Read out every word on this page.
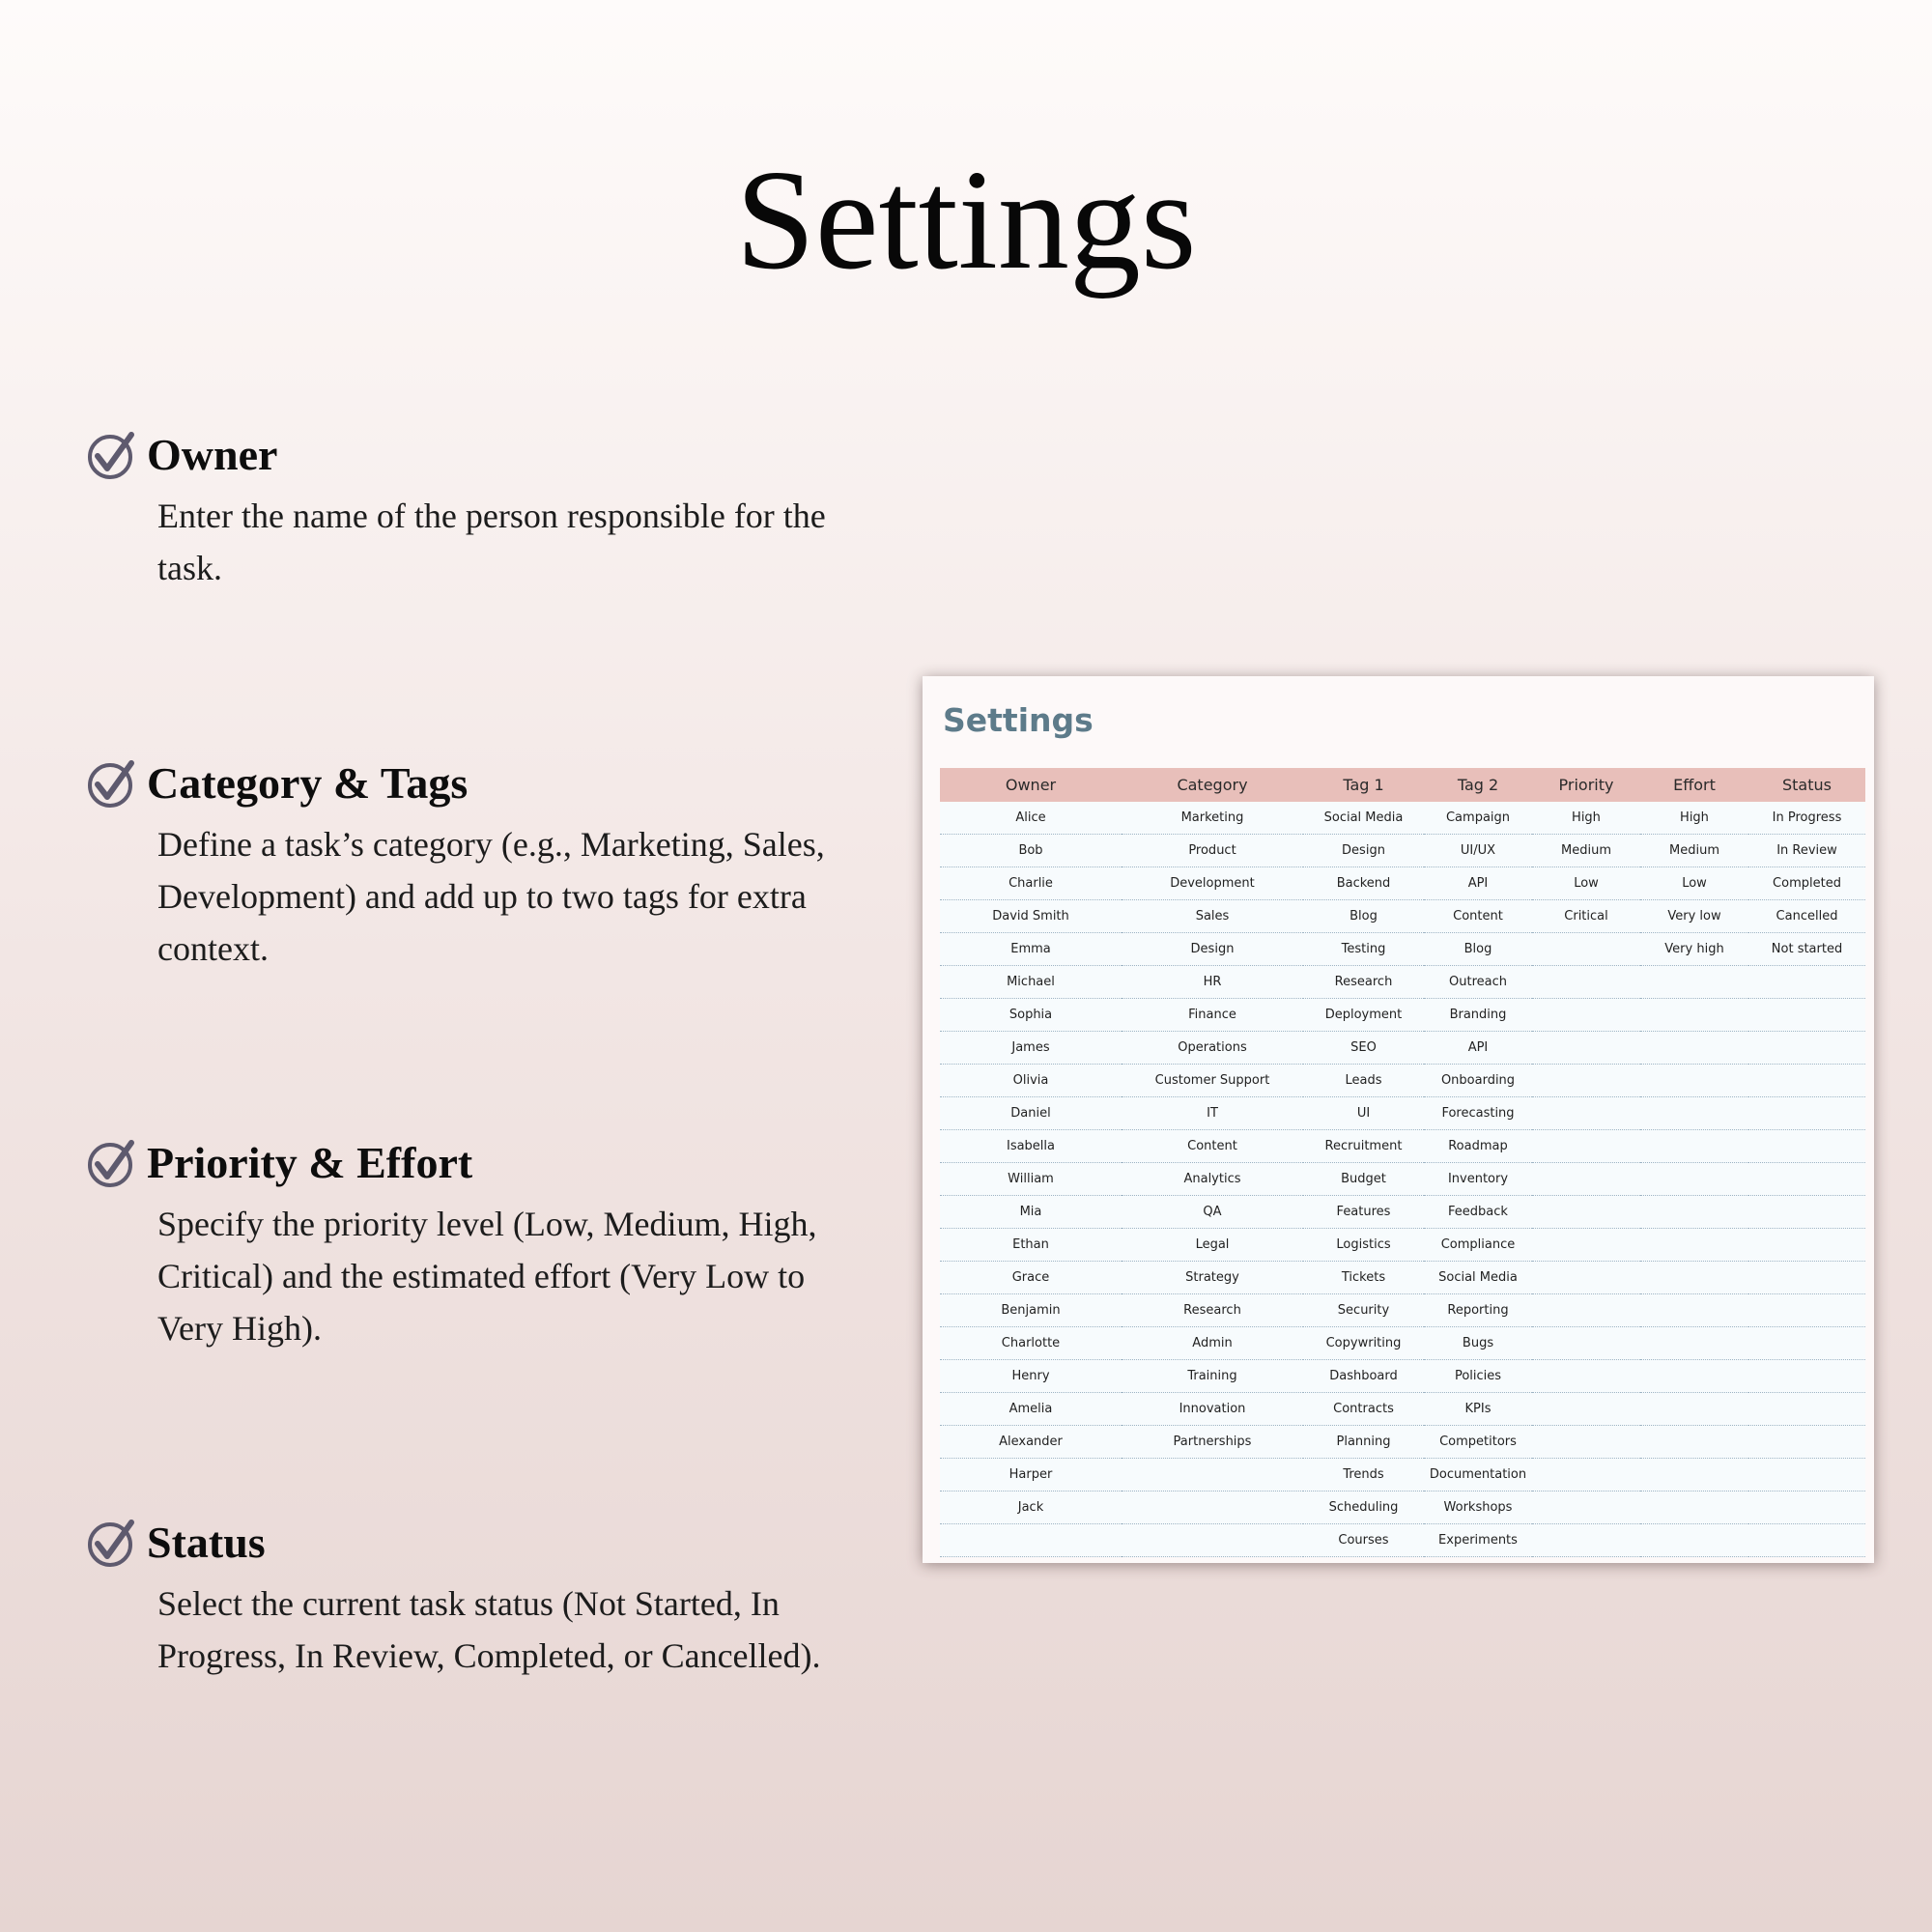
Settings
Owner

Enter the name of the person responsible for the task.

Category & Tags

Define a task’s category (e.g., Marketing, Sales, Development) and add up to two tags for extra context.

Priority & Effort

Specify the priority level (Low, Medium, High, Critical) and the estimated effort (Very Low to Very High).

Status

Select the current task status (Not Started, In Progress, In Review, Completed, or Cancelled).

Settings
Owner	Category	Tag 1	Tag 2	Priority	Effort	Status
Alice	Marketing	Social Media	Campaign	High	High	In Progress
Bob	Product	Design	UI/UX	Medium	Medium	In Review
Charlie	Development	Backend	API	Low	Low	Completed
David Smith	Sales	Blog	Content	Critical	Very low	Cancelled
Emma	Design	Testing	Blog		Very high	Not started
Michael	HR	Research	Outreach			
Sophia	Finance	Deployment	Branding			
James	Operations	SEO	API			
Olivia	Customer Support	Leads	Onboarding			
Daniel	IT	UI	Forecasting			
Isabella	Content	Recruitment	Roadmap			
William	Analytics	Budget	Inventory			
Mia	QA	Features	Feedback			
Ethan	Legal	Logistics	Compliance			
Grace	Strategy	Tickets	Social Media			
Benjamin	Research	Security	Reporting			
Charlotte	Admin	Copywriting	Bugs			
Henry	Training	Dashboard	Policies			
Amelia	Innovation	Contracts	KPIs			
Alexander	Partnerships	Planning	Competitors			
Harper		Trends	Documentation			
Jack		Scheduling	Workshops			
		Courses	Experiments			
